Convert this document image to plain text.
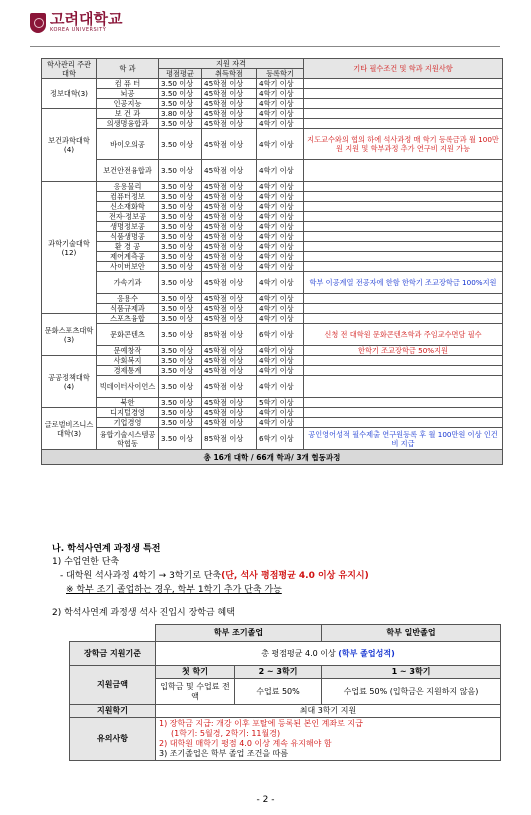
고려대학교
KOREA UNIVERSITY
학사관리 주관대학	학 과	지원 자격			기타 필수조건 및 학과 지원사항
		평점평균	취득학점	등록학기	
정보대학(3)	컴 퓨 터	3.50 이상	45학점 이상	4학기 이상	
	뇌공	3.50 이상	45학점 이상	4학기 이상	
	인공지능	3.50 이상	45학점 이상	4학기 이상	
보건과학대학(4)	보 건 과	3.80 이상	45학점 이상	4학기 이상	
	의생명융합과	3.50 이상	45학점 이상	4학기 이상	
	바이오의공	3.50 이상	45학점 이상	4학기 이상	지도교수와의 협의 하에 석사과정 매 학기 등록금과 월 100만원 지원 및 학부과정 추가 연구비 지원 가능
	보건안전융합과	3.50 이상	45학점 이상	4학기 이상	
과학기술대학(12)	응용물리	3.50 이상	45학점 이상	4학기 이상	
	컴퓨터정보	3.50 이상	45학점 이상	4학기 이상	
	신소재화학	3.50 이상	45학점 이상	4학기 이상	
	전자·정보공	3.50 이상	45학점 이상	4학기 이상	
	생명정보공	3.50 이상	45학점 이상	4학기 이상	
	식품생명공	3.50 이상	45학점 이상	4학기 이상	
	환 경 공	3.50 이상	45학점 이상	4학기 이상	
	제어계측공	3.50 이상	45학점 이상	4학기 이상	
	사이버보안	3.50 이상	45학점 이상	4학기 이상	
	가속기과	3.50 이상	45학점 이상	4학기 이상	학부 이공계열 전공자에 한함 한학기 조교장학금 100%지원
	응용수	3.50 이상	45학점 이상	4학기 이상	
	식품규제과	3.50 이상	45학점 이상	4학기 이상	
문화스포츠대학(3)	스포츠융합	3.50 이상	45학점 이상	4학기 이상	
	문화콘텐츠	3.50 이상	85학점 이상	6학기 이상	신청 전 대학원 문화콘텐츠학과 주임교수면담 필수
	문예창작	3.50 이상	45학점 이상	4학기 이상	한학기 조교장학금 50%지원
공공정책대학(4)	사회복지	3.50 이상	45학점 이상	4학기 이상	
	경제통계	3.50 이상	45학점 이상	4학기 이상	
	빅데이터사이언스	3.50 이상	45학점 이상	4학기 이상	
	북한	3.50 이상	45학점 이상	5학기 이상	
글로벌비즈니스대학(3)	디지털경영	3.50 이상	45학점 이상	4학기 이상	
	기업경영	3.50 이상	45학점 이상	4학기 이상	
	융합기술시스템공학협동	3.50 이상	85학점 이상	6학기 이상	공인영어성적 필수제출 연구원등록 후 월 100만원 이상 인건비 지급
총 16개 대학 / 66개 학과/ 3개 협동과정					
나. 학석사연계 과정생 특전
1) 수업연한 단축
- 대학원 석사과정 4학기 → 3학기로 단축(단, 석사 평점평균 4.0 이상 유지시)
※ 학부 조기 졸업하는 경우, 학부 1학기 추가 단축 가능
2) 학석사연계 과정생 석사 진입시 장학금 혜택
	학부 조기졸업		학부 일반졸업
장학금 지원기준	총 평점평균 4.0 이상 (학부 졸업성적)		
지원금액	첫 학기	2 ~ 3학기	1 ~ 3학기
	입학금 및 수업료 전액	수업료 50%	수업료 50% (입학금은 지원하지 않음)
지원학기	최대 3학기 지원		
유의사항	1) 장학금 지급: 개강 이후 포탈에 등록된 본인 계좌로 지급
(1학기: 5월경, 2학기: 11월경)
2) 대학원 매학기 평점 4.0 이상 계속 유지해야 함
3) 조기졸업은 학부 졸업 조건을 따름		
- 2 -
